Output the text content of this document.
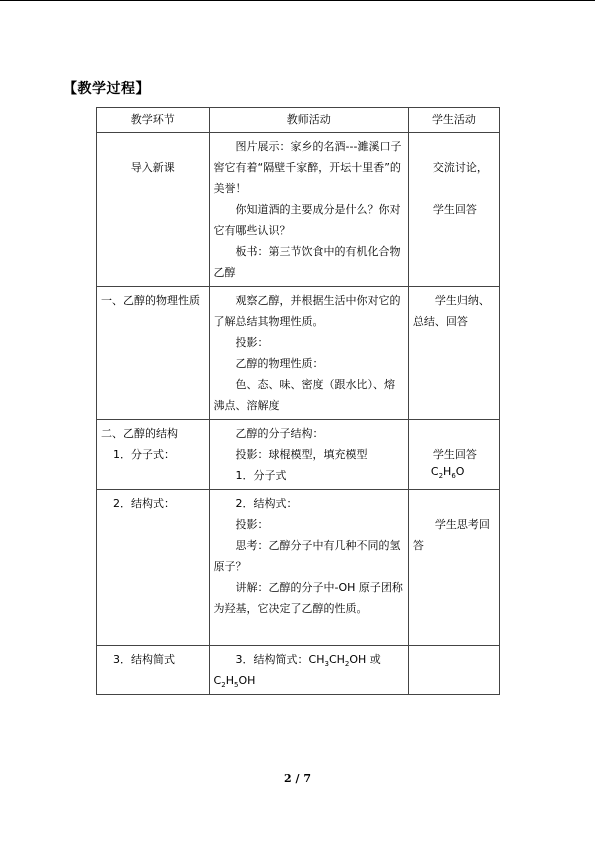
【教学过程】
教学环节	教师活动	学生活动

导入新课	图片展示：家乡的名酒---濉溪口子窖它有着“隔壁千家醉，开坛十里香”的美誉！
你知道酒的主要成分是什么？你对它有哪些认识？
板书：第三节饮食中的有机化合物乙醇	交流讨论，
学生回答

一、乙醇的物理性质	观察乙醇，并根据生活中你对它的了解总结其物理性质。
投影：
乙醇的物理性质：
色、态、味、密度（跟水比）、熔沸点、溶解度	学生归纳、总结、回答

二、乙醇的结构
1．分子式：	乙醇的分子结构：
投影：球棍模型，填充模型
1．分子式	学生回答
$C_2H_6O$

2．结构式：	2．结构式：
投影：
思考：乙醇分子中有几种不同的氢原子？
讲解：乙醇的分子中-OH 原子团称为羟基，它决定了乙醇的性质。	学生思考回答

3．结构简式	3．结构简式：$CH_3CH_2OH$ 或
$C_2H_5OH$	

2 / 7
